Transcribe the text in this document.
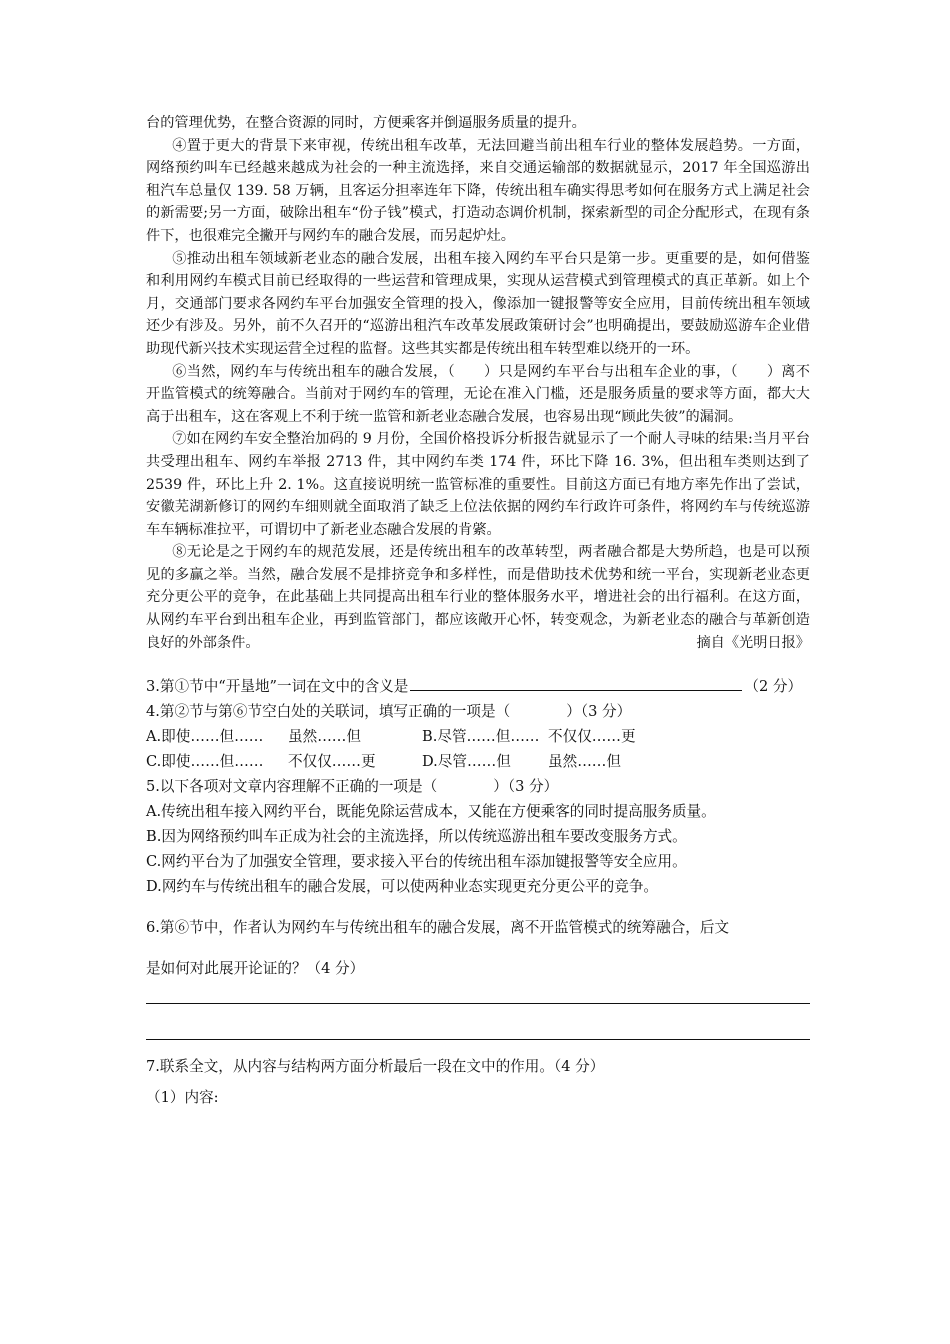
台的管理优势，在整合资源的同时，方便乘客并倒逼服务质量的提升。

④置于更大的背景下来审视，传统出租车改革，无法回避当前出租车行业的整体发展趋势。一方面，网络预约叫车已经越来越成为社会的一种主流选择，来自交通运输部的数据就显示，2017 年全国巡游出租汽车总量仅 139. 58 万辆，且客运分担率连年下降，传统出租车确实得思考如何在服务方式上满足社会的新需要;另一方面，破除出租车“份子钱”模式，打造动态调价机制，探索新型的司企分配形式，在现有条件下，也很难完全撇开与网约车的融合发展，而另起炉灶。

⑤推动出租车领域新老业态的融合发展，出租车接入网约车平台只是第一步。更重要的是，如何借鉴和利用网约车模式目前已经取得的一些运营和管理成果，实现从运营模式到管理模式的真正革新。如上个月，交通部门要求各网约车平台加强安全管理的投入，像添加一键报警等安全应用，目前传统出租车领域还少有涉及。另外，前不久召开的“巡游出租汽车改革发展政策研讨会”也明确提出，要鼓励巡游车企业借助现代新兴技术实现运营全过程的监督。这些其实都是传统出租车转型难以绕开的一环。

⑥当然，网约车与传统出租车的融合发展，（　　）只是网约车平台与出租车企业的事，（　　）离不开监管模式的统筹融合。当前对于网约车的管理，无论在准入门槛，还是服务质量的要求等方面，都大大高于出租车，这在客观上不利于统一监管和新老业态融合发展，也容易出现“顾此失彼”的漏洞。

⑦如在网约车安全整治加码的 9 月份，全国价格投诉分析报告就显示了一个耐人寻味的结果:当月平台共受理出租车、网约车举报 2713 件，其中网约车类 174 件，环比下降 16. 3%，但出租车类则达到了 2539 件，环比上升 2. 1%。这直接说明统一监管标准的重要性。目前这方面已有地方率先作出了尝试，安徽芜湖新修订的网约车细则就全面取消了缺乏上位法依据的网约车行政许可条件，将网约车与传统巡游车车辆标准拉平，可谓切中了新老业态融合发展的肯綮。

⑧无论是之于网约车的规范发展，还是传统出租车的改革转型，两者融合都是大势所趋，也是可以预见的多赢之举。当然，融合发展不是排挤竞争和多样性，而是借助技术优势和统一平台，实现新老业态更充分更公平的竞争，在此基础上共同提高出租车行业的整体服务水平，增进社会的出行福利。在这方面，从网约车平台到出租车企业，再到监管部门，都应该敞开心怀，转变观念，为新老业态的融合与革新创造良好的外部条件。	摘自《光明日报》

3.第①节中“开垦地”一词在文中的含义是	（2 分）

4.第②节与第⑥节空白处的关联词，填写正确的一项是（	）（3 分）

A.即使……但……	虽然……但	B.尽管……但…… 不仅仅……更
C.即使……但……	不仅仅……更	D.尽管……但	虽然……但

5.以下各项对文章内容理解不正确的一项是（	）（3 分）

A.传统出租车接入网约平台，既能免除运营成本，又能在方便乘客的同时提高服务质量。

B.因为网络预约叫车正成为社会的主流选择，所以传统巡游出租车要改变服务方式。

C.网约平台为了加强安全管理，要求接入平台的传统出租车添加键报警等安全应用。

D.网约车与传统出租车的融合发展，可以使两种业态实现更充分更公平的竞争。

6.第⑥节中，作者认为网约车与传统出租车的融合发展，离不开监管模式的统筹融合，后文

是如何对此展开论证的？（4 分）

7.联系全文，从内容与结构两方面分析最后一段在文中的作用。（4 分）

（1）内容:
